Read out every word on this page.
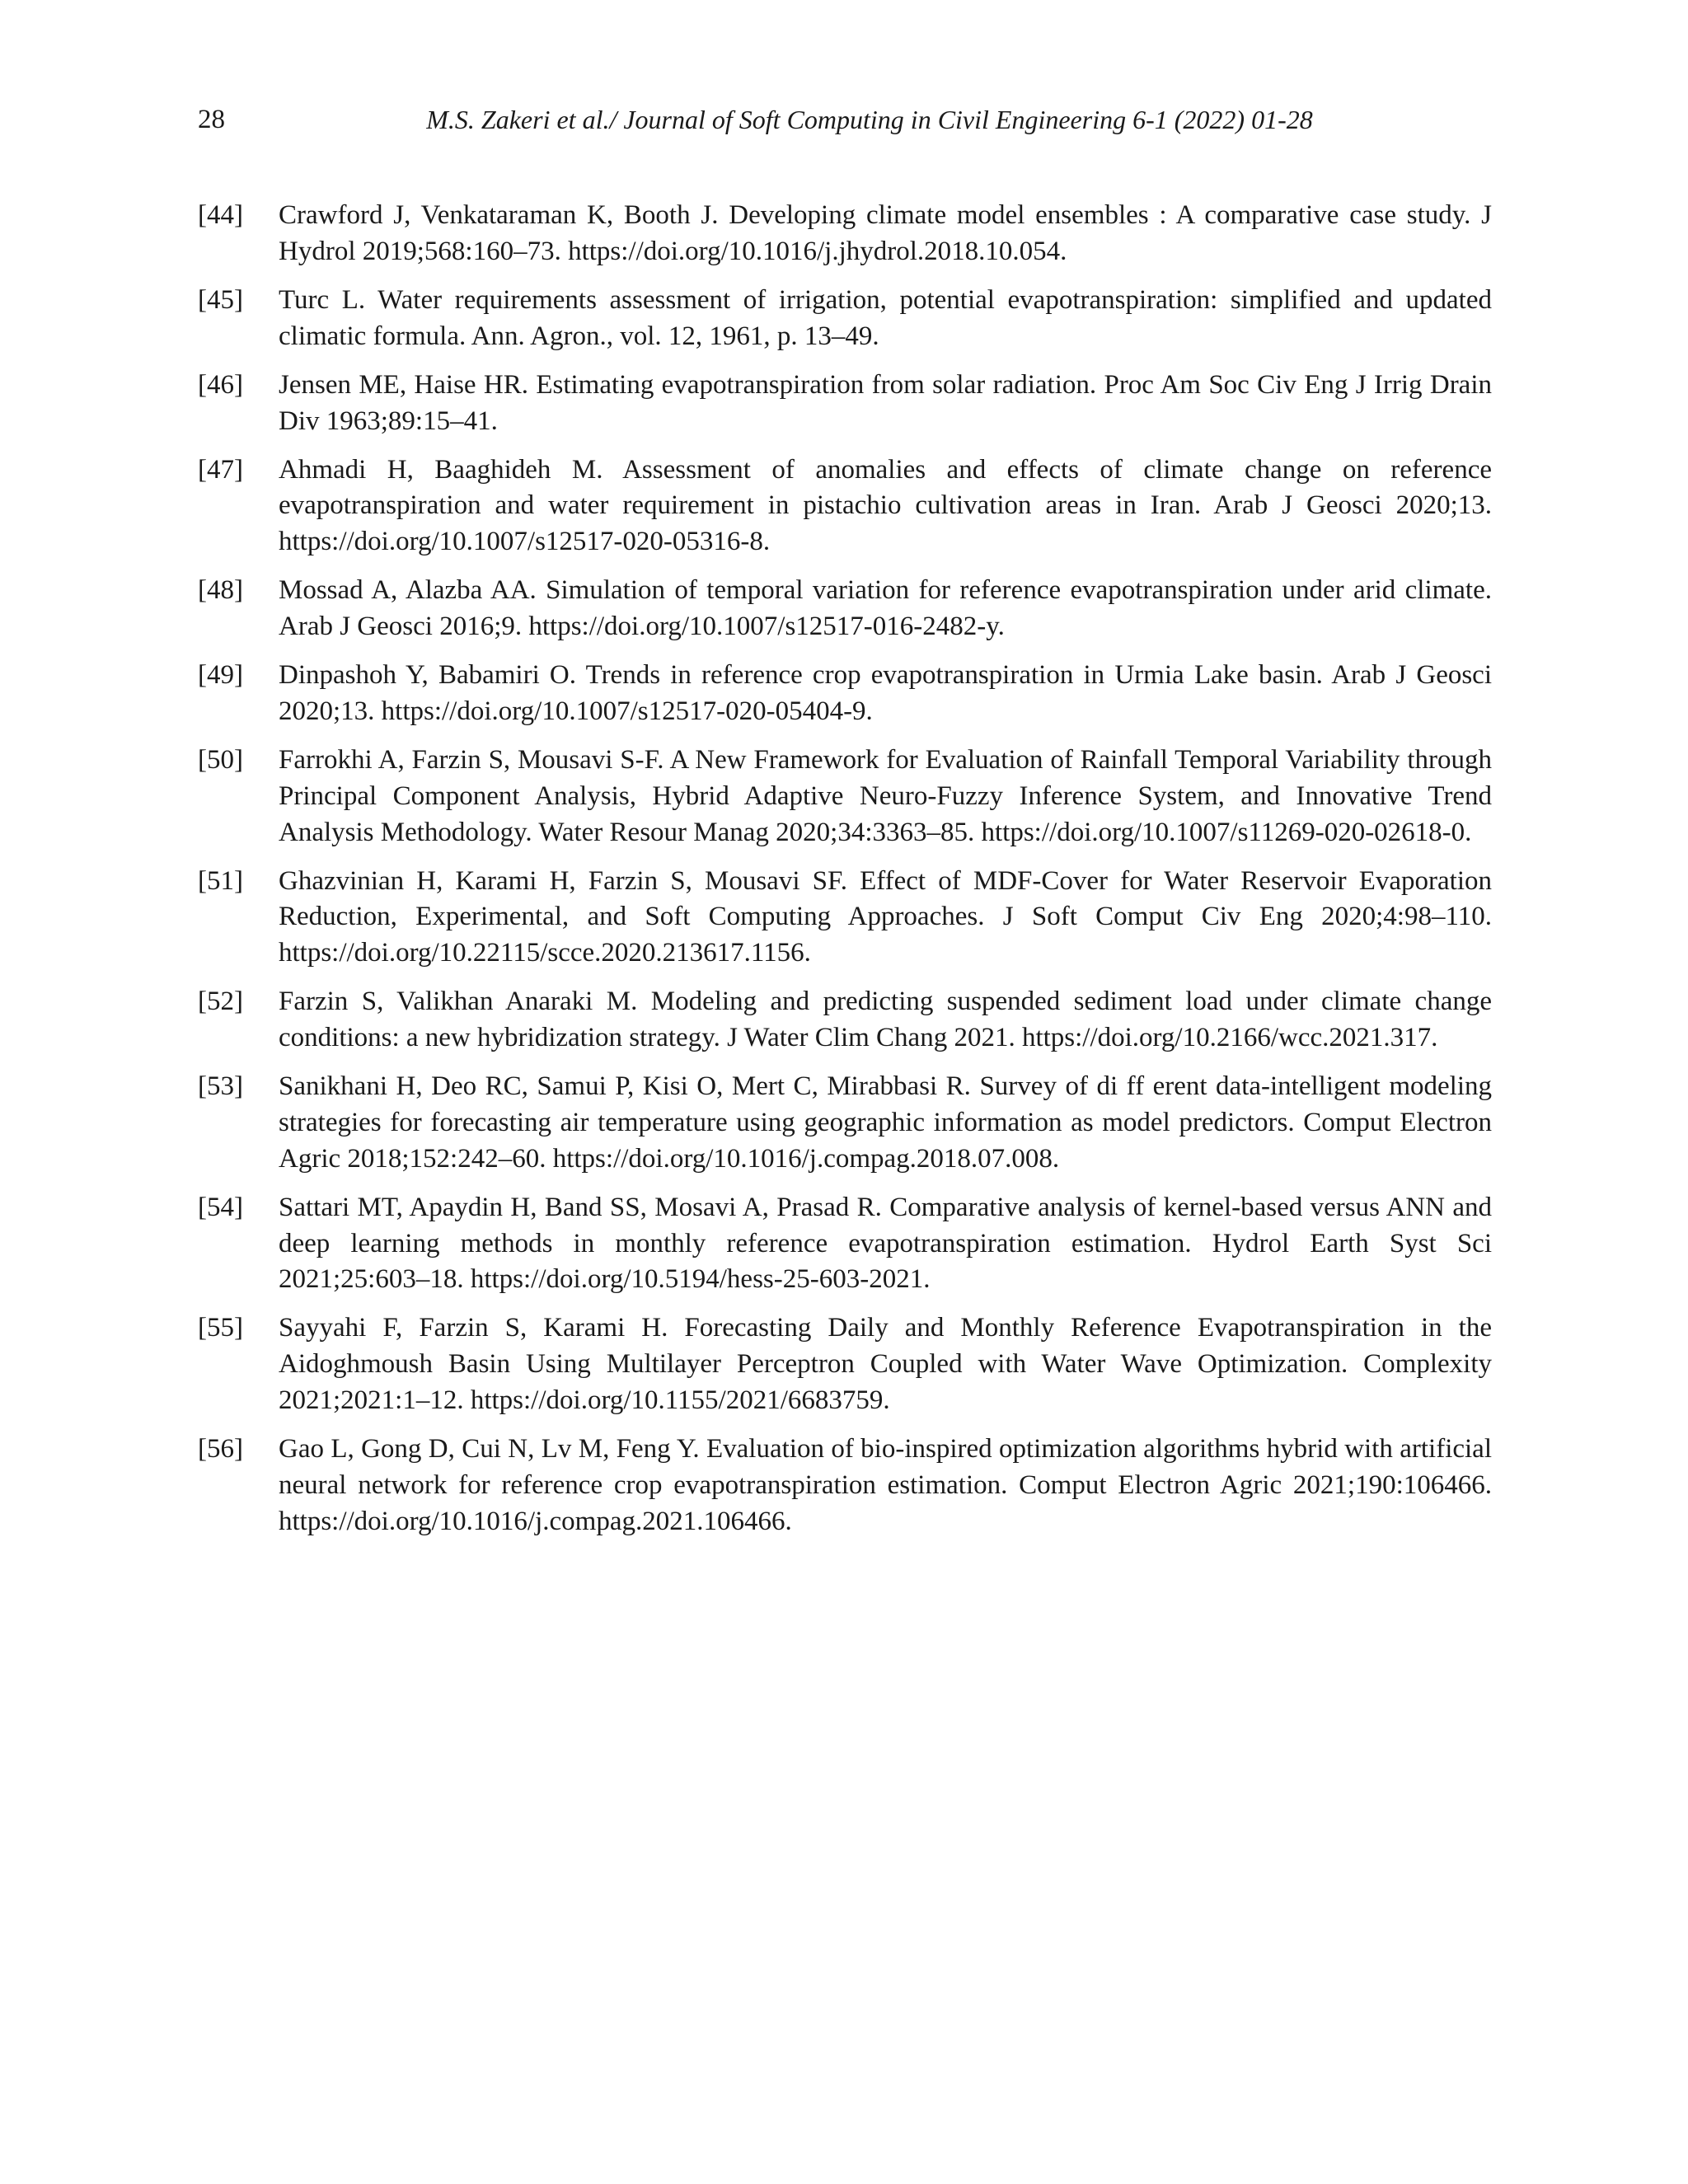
28	M.S. Zakeri et al./ Journal of Soft Computing in Civil Engineering 6-1 (2022) 01-28
[44] Crawford J, Venkataraman K, Booth J. Developing climate model ensembles : A comparative case study. J Hydrol 2019;568:160–73. https://doi.org/10.1016/j.jhydrol.2018.10.054.
[45] Turc L. Water requirements assessment of irrigation, potential evapotranspiration: simplified and updated climatic formula. Ann. Agron., vol. 12, 1961, p. 13–49.
[46] Jensen ME, Haise HR. Estimating evapotranspiration from solar radiation. Proc Am Soc Civ Eng J Irrig Drain Div 1963;89:15–41.
[47] Ahmadi H, Baaghideh M. Assessment of anomalies and effects of climate change on reference evapotranspiration and water requirement in pistachio cultivation areas in Iran. Arab J Geosci 2020;13. https://doi.org/10.1007/s12517-020-05316-8.
[48] Mossad A, Alazba AA. Simulation of temporal variation for reference evapotranspiration under arid climate. Arab J Geosci 2016;9. https://doi.org/10.1007/s12517-016-2482-y.
[49] Dinpashoh Y, Babamiri O. Trends in reference crop evapotranspiration in Urmia Lake basin. Arab J Geosci 2020;13. https://doi.org/10.1007/s12517-020-05404-9.
[50] Farrokhi A, Farzin S, Mousavi S-F. A New Framework for Evaluation of Rainfall Temporal Variability through Principal Component Analysis, Hybrid Adaptive Neuro-Fuzzy Inference System, and Innovative Trend Analysis Methodology. Water Resour Manag 2020;34:3363–85. https://doi.org/10.1007/s11269-020-02618-0.
[51] Ghazvinian H, Karami H, Farzin S, Mousavi SF. Effect of MDF-Cover for Water Reservoir Evaporation Reduction, Experimental, and Soft Computing Approaches. J Soft Comput Civ Eng 2020;4:98–110. https://doi.org/10.22115/scce.2020.213617.1156.
[52] Farzin S, Valikhan Anaraki M. Modeling and predicting suspended sediment load under climate change conditions: a new hybridization strategy. J Water Clim Chang 2021. https://doi.org/10.2166/wcc.2021.317.
[53] Sanikhani H, Deo RC, Samui P, Kisi O, Mert C, Mirabbasi R. Survey of di ff erent data-intelligent modeling strategies for forecasting air temperature using geographic information as model predictors. Comput Electron Agric 2018;152:242–60. https://doi.org/10.1016/j.compag.2018.07.008.
[54] Sattari MT, Apaydin H, Band SS, Mosavi A, Prasad R. Comparative analysis of kernel-based versus ANN and deep learning methods in monthly reference evapotranspiration estimation. Hydrol Earth Syst Sci 2021;25:603–18. https://doi.org/10.5194/hess-25-603-2021.
[55] Sayyahi F, Farzin S, Karami H. Forecasting Daily and Monthly Reference Evapotranspiration in the Aidoghmoush Basin Using Multilayer Perceptron Coupled with Water Wave Optimization. Complexity 2021;2021:1–12. https://doi.org/10.1155/2021/6683759.
[56] Gao L, Gong D, Cui N, Lv M, Feng Y. Evaluation of bio-inspired optimization algorithms hybrid with artificial neural network for reference crop evapotranspiration estimation. Comput Electron Agric 2021;190:106466. https://doi.org/10.1016/j.compag.2021.106466.
